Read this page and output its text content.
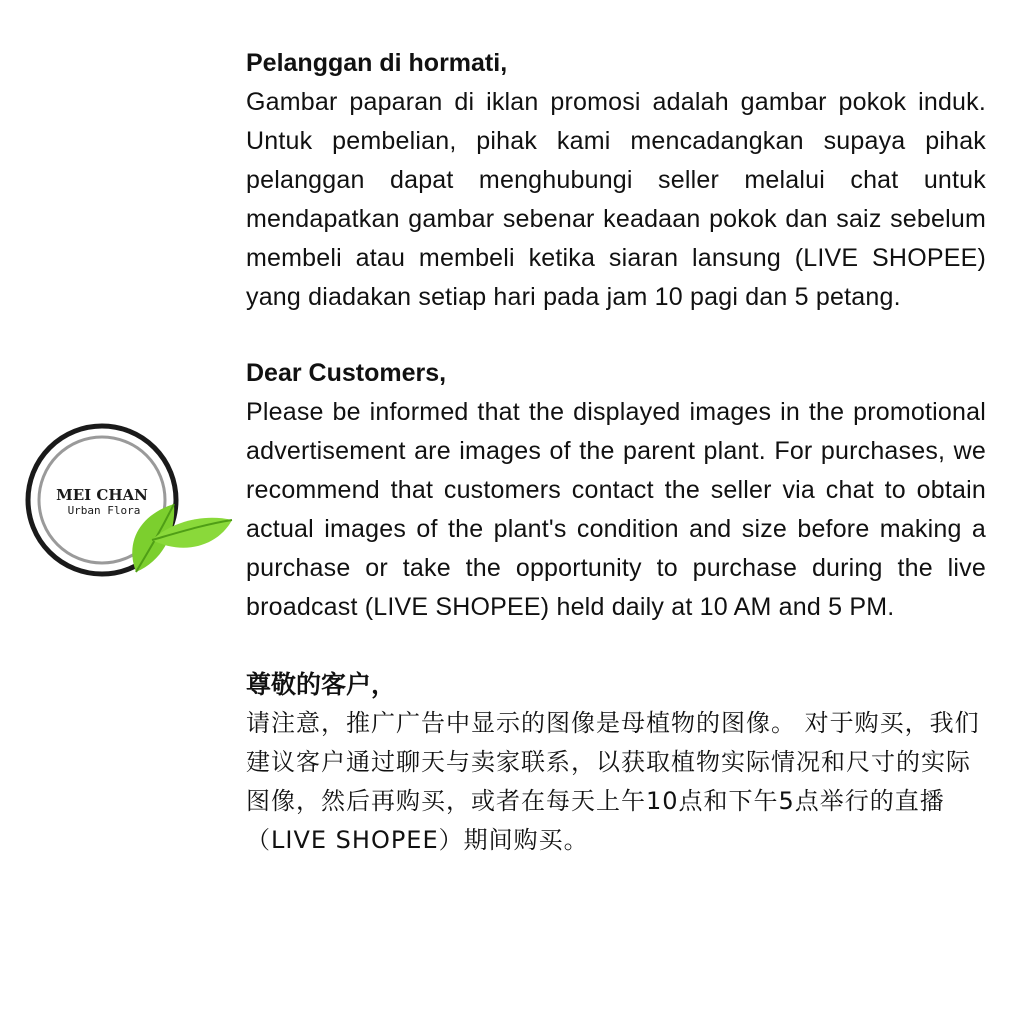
MEI CHAN
Urban Flora

Pelanggan di hormati,

Gambar paparan di iklan promosi adalah gambar pokok induk. Untuk pembelian, pihak kami mencadangkan supaya pihak pelanggan dapat menghubungi seller melalui chat untuk mendapatkan gambar sebenar keadaan pokok dan saiz sebelum membeli atau membeli ketika siaran lansung (LIVE SHOPEE) yang diadakan setiap hari pada jam 10 pagi dan 5 petang.

Dear Customers,

Please be informed that the displayed images in the promotional advertisement are images of the parent plant. For purchases, we recommend that customers contact the seller via chat to obtain actual images of the plant's condition and size before making a purchase or take the opportunity to purchase during the live broadcast (LIVE SHOPEE) held daily at 10 AM and 5 PM.

尊敬的客户，

请注意，推广广告中显示的图像是母植物的图像。 对于购买，我们建议客户通过聊天与卖家联系，以获取植物实际情况和尺寸的实际图像，然后再购买，或者在每天上午10点和下午5点举行的直播（LIVE SHOPEE）期间购买。
